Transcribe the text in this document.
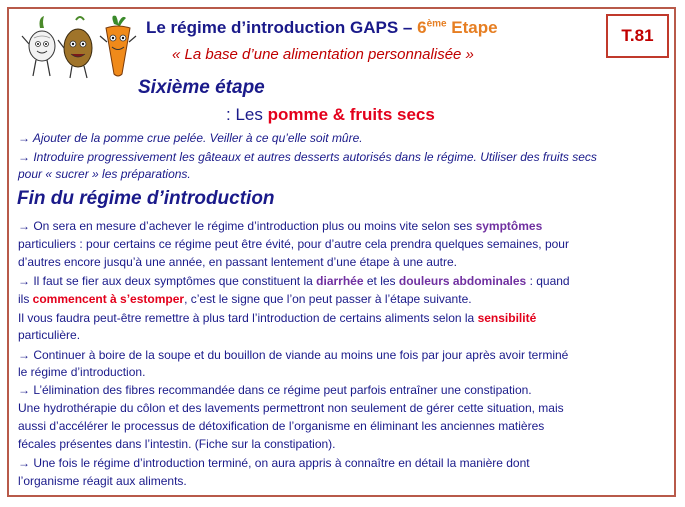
Le régime d’introduction GAPS – 6ème Etape
« La base d’une alimentation personnalisée »
T.81
Sixième étape
: Les pomme & fruits secs
→ Ajouter de la pomme crue pelée. Veiller à ce qu’elle soit mûre.
→ Introduire progressivement les gâteaux et autres desserts autorisés dans le régime. Utiliser des fruits secs
pour « sucrer » les préparations.
Fin du régime d’introduction
→ On sera en mesure d’achever le régime d’introduction plus ou moins vite selon ses symptômes
particuliers : pour certains ce régime peut être évité, pour d’autre cela prendra quelques semaines, pour
d’autres encore jusqu’à une année, en passant lentement d’une étape à une autre.
→ Il faut se fier aux deux symptômes que constituent la diarrhée et les douleurs abdominales : quand
ils commencent à s’estomper, c’est le signe que l’on peut passer à l’étape suivante.
Il vous faudra peut-être remettre à plus tard l’introduction de certains aliments selon la sensibilité
particulière.
→ Continuer à boire de la soupe et du bouillon de viande au moins une fois par jour après avoir terminé
le régime d’introduction.
→ L’élimination des fibres recommandée dans ce régime peut parfois entraîner une constipation.
Une hydrothérapie du côlon et des lavements permettront non seulement de gérer cette situation, mais
aussi d’accélérer le processus de détoxification de l’organisme en éliminant les anciennes matières
fécales présentes dans l’intestin. (Fiche sur la constipation).
→ Une fois le régime d’introduction terminé, on aura appris à connaître en détail la manière dont
l’organisme réagit aux aliments.
